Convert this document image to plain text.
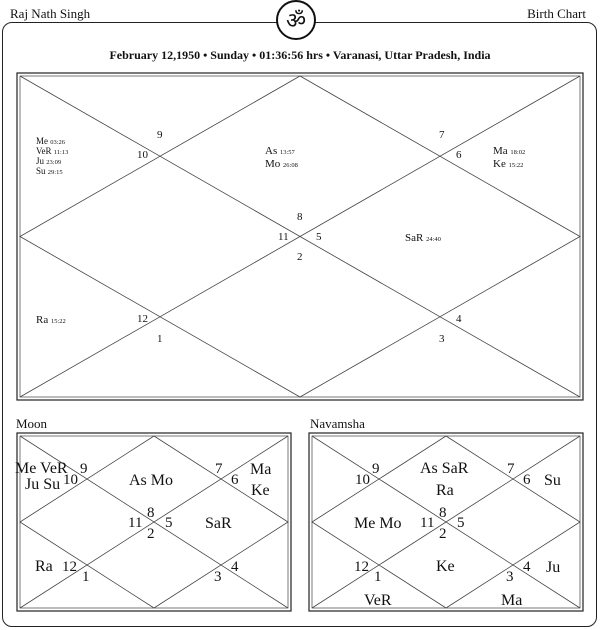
Raj Nath Singh	Birth Chart
ॐ
February 12,1950 • Sunday • 01:36:56 hrs • Varanasi, Uttar Pradesh, India
9
10
7
6
8
11 5
2
12
1
4
3
Me 03:26
VeR 11:13
Ju 23:09
Su 29:15
As 13:57
Mo 26:08
Ma 18:02
Ke 15:22
SaR 24:40
Ra 15:22
Moon
9
10
7
6
8
11 5
2
12
1
4
3
Me VeR
Ju Su	As Mo
Ma
Ke
SaR
Ra
Navamsha
9
10
7
6
8
11 5
2
12
1
4
3
As SaR
Ra
Su
Me Mo
Ke
VeR
Ju
Ma
